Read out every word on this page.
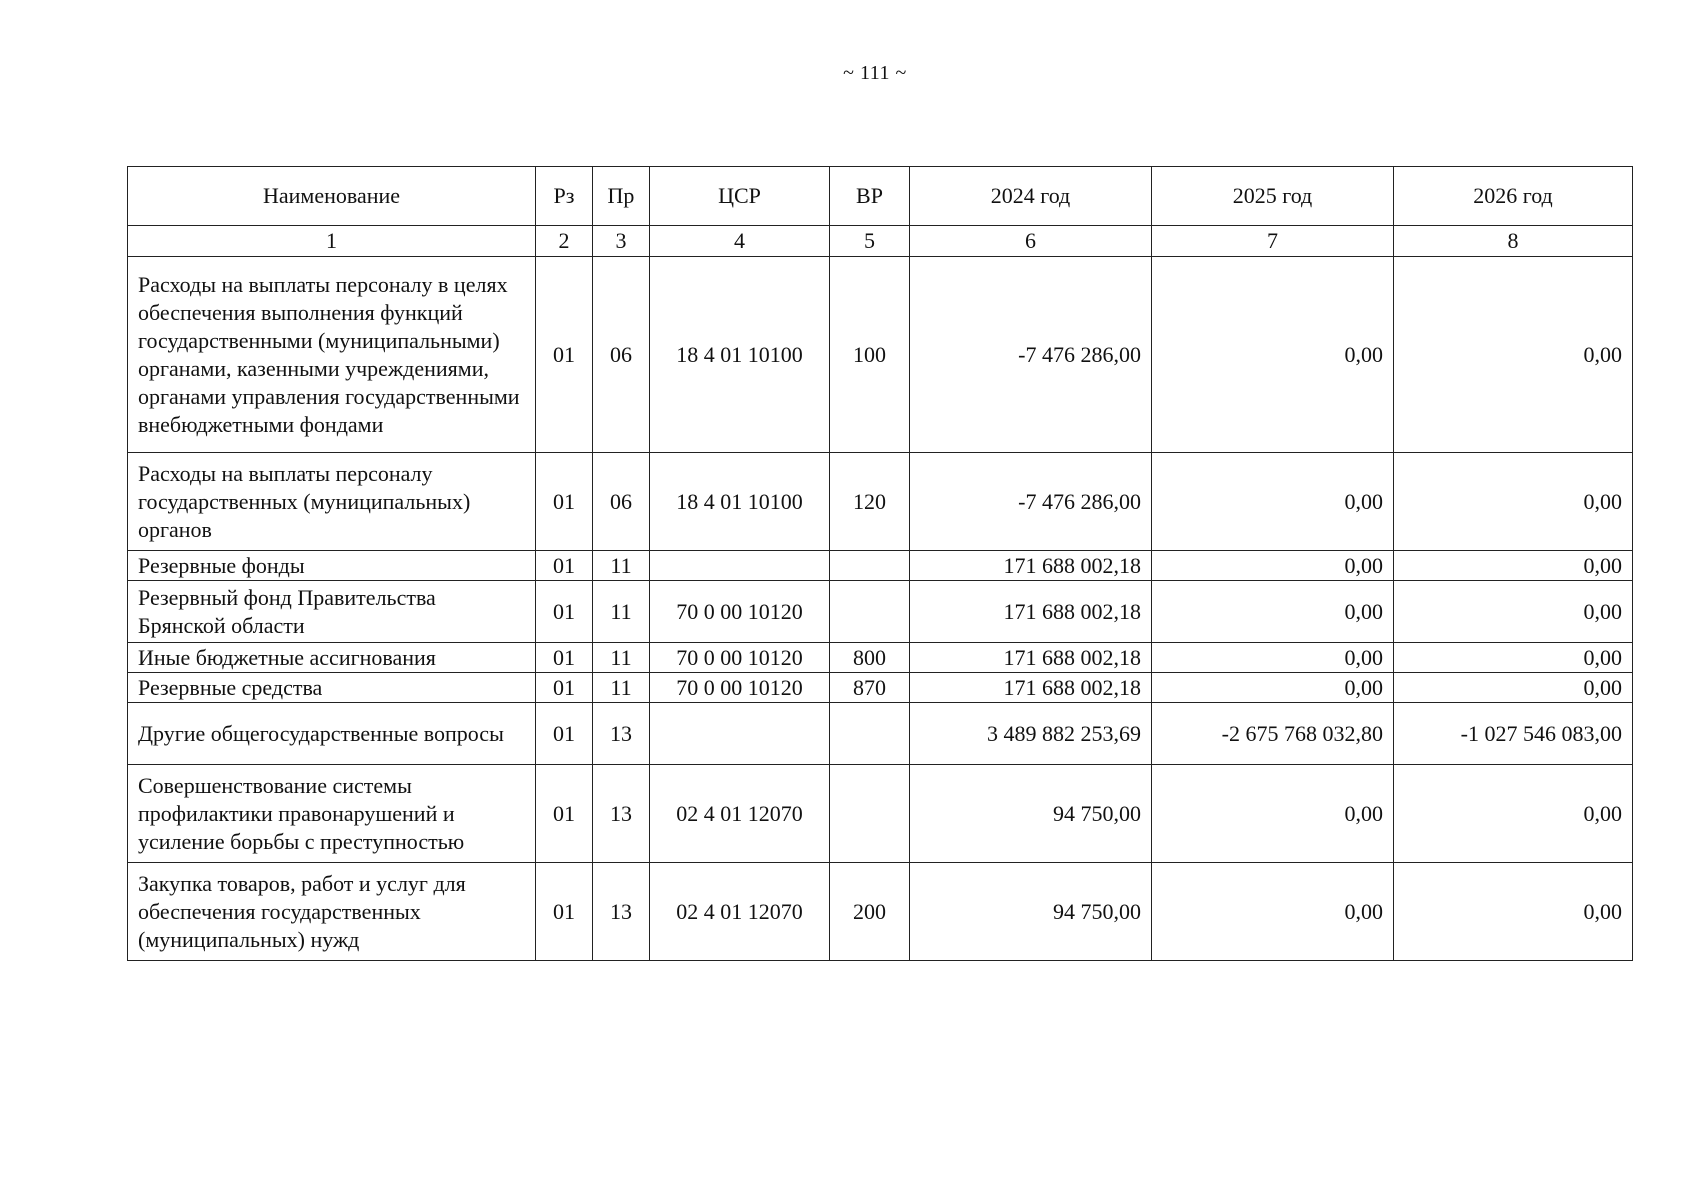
~ 111 ~
Наименование	Рз	Пр	ЦСР	ВР	2024 год	2025 год	2026 год
1	2	3	4	5	6	7	8
Расходы на выплаты персоналу в целях обеспечения выполнения функций государственными (муниципальными) органами, казенными учреждениями, органами управления государственными внебюджетными фондами	01	06	18 4 01 10100	100	-7 476 286,00	0,00	0,00
Расходы на выплаты персоналу государственных (муниципальных) органов	01	06	18 4 01 10100	120	-7 476 286,00	0,00	0,00
Резервные фонды	01	11			171 688 002,18	0,00	0,00
Резервный фонд Правительства Брянской области	01	11	70 0 00 10120		171 688 002,18	0,00	0,00
Иные бюджетные ассигнования	01	11	70 0 00 10120	800	171 688 002,18	0,00	0,00
Резервные средства	01	11	70 0 00 10120	870	171 688 002,18	0,00	0,00
Другие общегосударственные вопросы	01	13			3 489 882 253,69	-2 675 768 032,80	-1 027 546 083,00
Совершенствование системы профилактики правонарушений и усиление борьбы с преступностью	01	13	02 4 01 12070		94 750,00	0,00	0,00
Закупка товаров, работ и услуг для обеспечения государственных (муниципальных) нужд	01	13	02 4 01 12070	200	94 750,00	0,00	0,00
